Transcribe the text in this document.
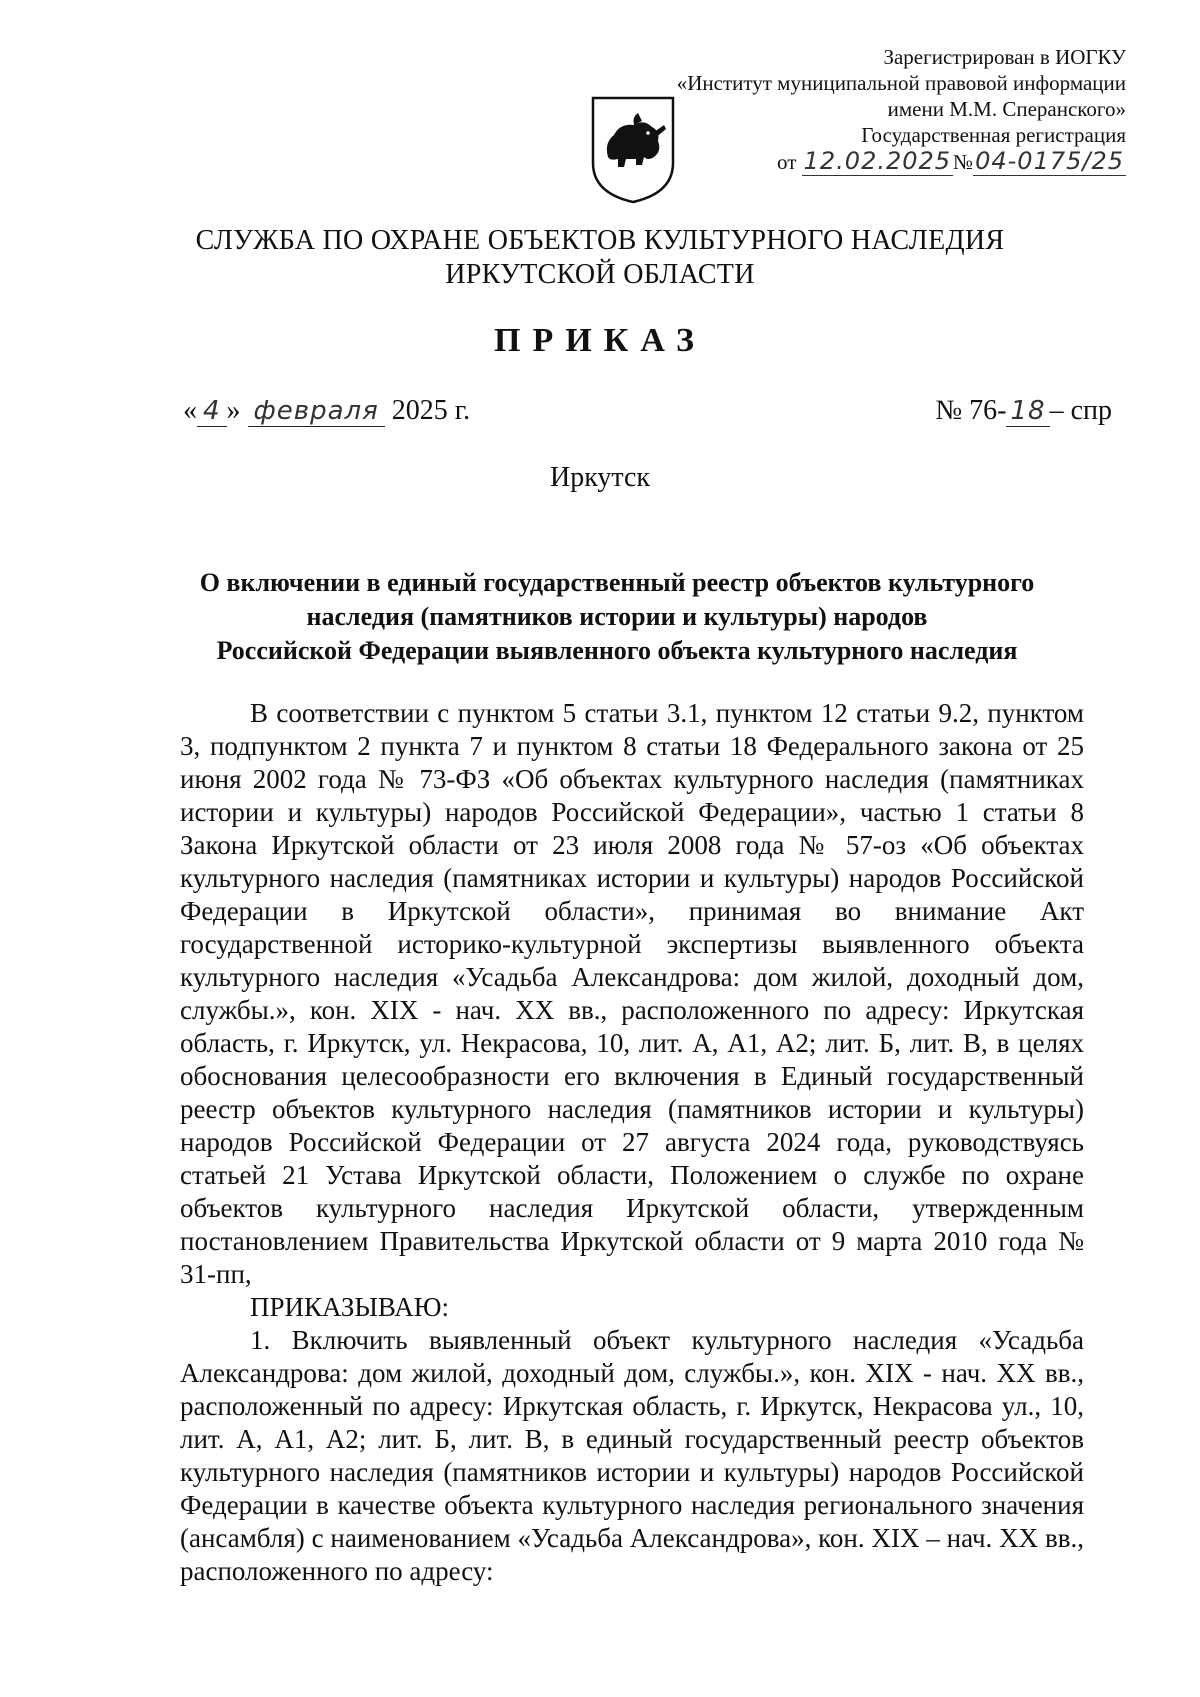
Зарегистрирован в ИОГКУ
«Институт муниципальной правовой информации
имени М.М. Сперанского»
Государственная регистрация
от 12.02.2025№04-0175/25
СЛУЖБА ПО ОХРАНЕ ОБЪЕКТОВ КУЛЬТУРНОГО НАСЛЕДИЯ
ИРКУТСКОЙ ОБЛАСТИ
ПРИКАЗ
« 4 » февраля 2025 г.	№ 76- 18 – спр
Иркутск
О включении в единый государственный реестр объектов культурного
наследия (памятников истории и культуры) народов
Российской Федерации выявленного объекта культурного наследия

В соответствии с пунктом 5 статьи 3.1, пунктом 12 статьи 9.2, пунктом 3, подпунктом 2 пункта 7 и пунктом 8 статьи 18 Федерального закона от 25 июня 2002 года № 73-ФЗ «Об объектах культурного наследия (памятниках истории и культуры) народов Российской Федерации», частью 1 статьи 8 Закона Иркутской области от 23 июля 2008 года № 57-оз «Об объектах культурного наследия (памятниках истории и культуры) народов Российской Федерации в Иркутской области», принимая во внимание Акт государственной историко-культурной экспертизы выявленного объекта культурного наследия «Усадьба Александрова: дом жилой, доходный дом, службы.», кон. XIX - нач. XX вв., расположенного по адресу: Иркутская область, г. Иркутск, ул. Некрасова, 10, лит. А, А1, А2; лит. Б, лит. В, в целях обоснования целесообразности его включения в Единый государственный реестр объектов культурного наследия (памятников истории и культуры) народов Российской Федерации от 27 августа 2024 года, руководствуясь статьей 21 Устава Иркутской области, Положением о службе по охране объектов культурного наследия Иркутской области, утвержденным постановлением Правительства Иркутской области от 9 марта 2010 года № 31-пп,

ПРИКАЗЫВАЮ:

1. Включить выявленный объект культурного наследия «Усадьба Александрова: дом жилой, доходный дом, службы.», кон. XIX - нач. XX вв., расположенный по адресу: Иркутская область, г. Иркутск, Некрасова ул., 10, лит. А, А1, А2; лит. Б, лит. В, в единый государственный реестр объектов культурного наследия (памятников истории и культуры) народов Российской Федерации в качестве объекта культурного наследия регионального значения (ансамбля) с наименованием «Усадьба Александрова», кон. XIX – нач. XX вв., расположенного по адресу:
